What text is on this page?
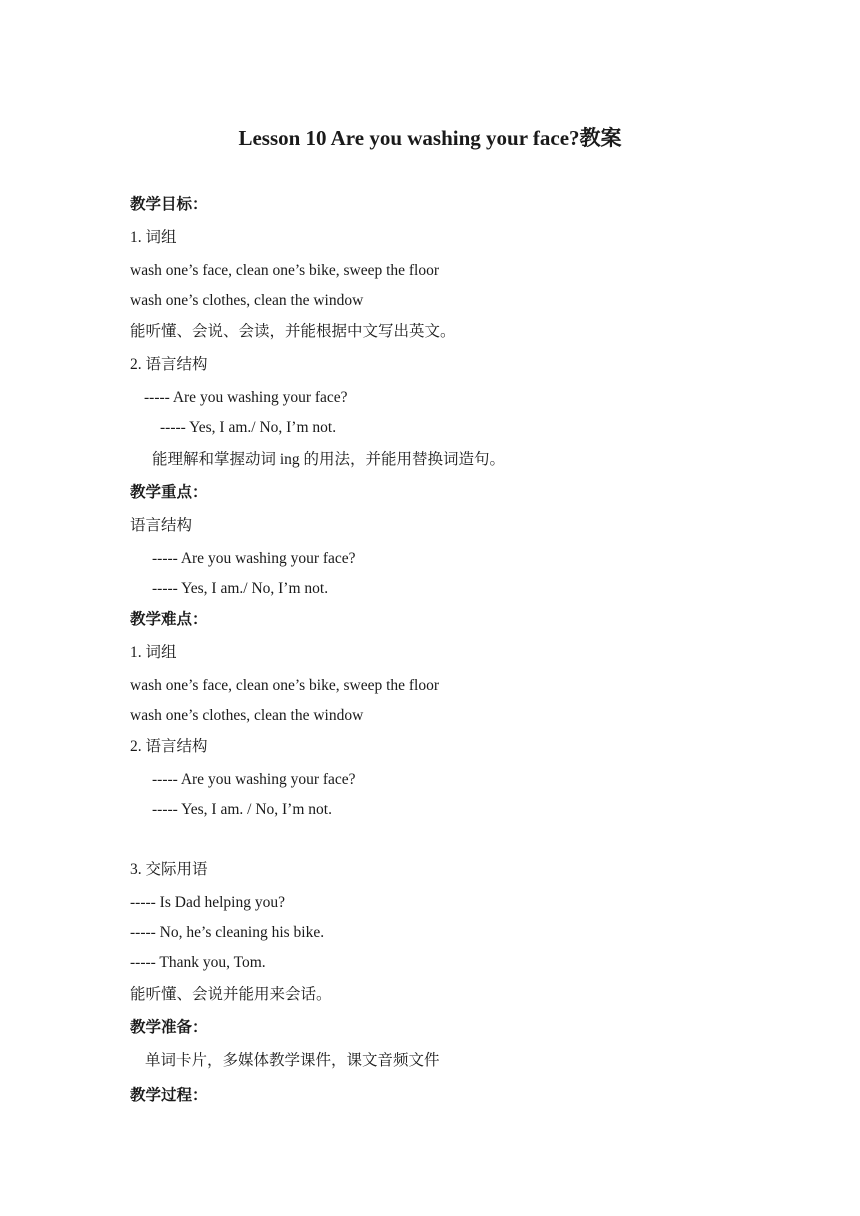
Lesson 10 Are you washing your face?教案
教学目标：
1. 词组
wash one’s face, clean one’s bike, sweep the floor
wash one’s clothes, clean the window
能听懂、会说、会读，并能根据中文写出英文。
2. 语言结构
----- Are you washing your face?
----- Yes, I am./ No, I’m not.
能理解和掌握动词 ing 的用法，并能用替换词造句。
教学重点：
语言结构
----- Are you washing your face?
----- Yes, I am./ No, I’m not.
教学难点：
1. 词组
wash one’s face, clean one’s bike, sweep the floor
wash one’s clothes, clean the window
2. 语言结构
----- Are you washing your face?
----- Yes, I am. / No, I’m not.
3. 交际用语
----- Is Dad helping you?
----- No, he’s cleaning his bike.
----- Thank you, Tom.
能听懂、会说并能用来会话。
教学准备：
单词卡片，多媒体教学课件，课文音频文件
教学过程：
